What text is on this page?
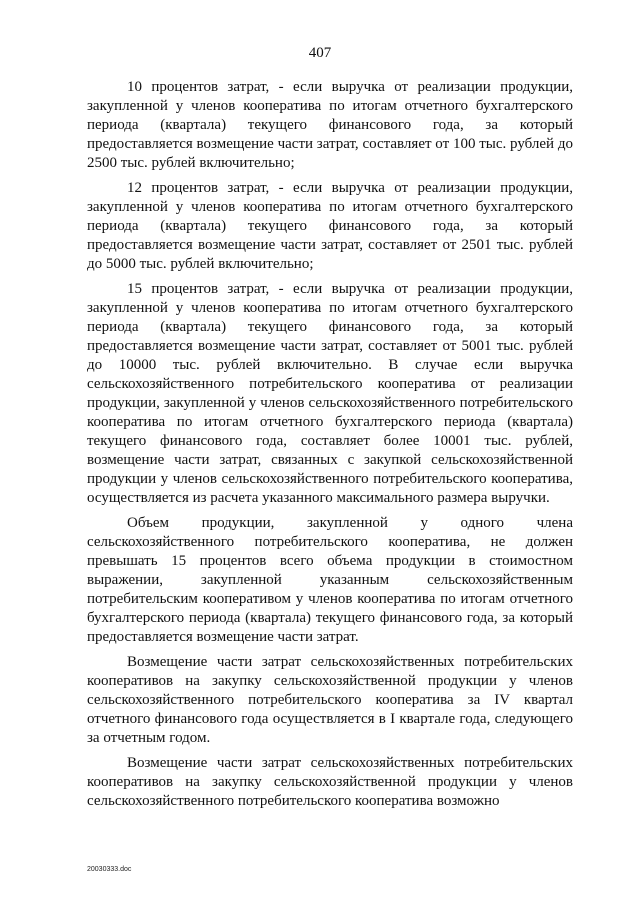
407

10 процентов затрат, - если выручка от реализации продукции, закупленной у членов кооператива по итогам отчетного бухгалтерского периода (квартала) текущего финансового года, за который предоставляется возмещение части затрат, составляет от 100 тыс. рублей до 2500 тыс. рублей включительно;

12 процентов затрат, - если выручка от реализации продукции, закупленной у членов кооператива по итогам отчетного бухгалтерского периода (квартала) текущего финансового года, за который предоставляется возмещение части затрат, составляет от 2501 тыс. рублей до 5000 тыс. рублей включительно;

15 процентов затрат, - если выручка от реализации продукции, закупленной у членов кооператива по итогам отчетного бухгалтерского периода (квартала) текущего финансового года, за который предоставляется возмещение части затрат, составляет от 5001 тыс. рублей до 10000 тыс. рублей включительно. В случае если выручка сельскохозяйственного потребительского кооператива от реализации продукции, закупленной у членов сельскохозяйственного потребительского кооператива по итогам отчетного бухгалтерского периода (квартала) текущего финансового года, составляет более 10001 тыс. рублей, возмещение части затрат, связанных с закупкой сельскохозяйственной продукции у членов сельскохозяйственного потребительского кооператива, осуществляется из расчета указанного максимального размера выручки.

Объем продукции, закупленной у одного члена сельскохозяйственного потребительского кооператива, не должен превышать 15 процентов всего объема продукции в стоимостном выражении, закупленной указанным сельскохозяйственным потребительским кооперативом у членов кооператива по итогам отчетного бухгалтерского периода (квартала) текущего финансового года, за который предоставляется возмещение части затрат.

Возмещение части затрат сельскохозяйственных потребительских кооперативов на закупку сельскохозяйственной продукции у членов сельскохозяйственного потребительского кооператива за IV квартал отчетного финансового года осуществляется в I квартале года, следующего за отчетным годом.

Возмещение части затрат сельскохозяйственных потребительских кооперативов на закупку сельскохозяйственной продукции у членов сельскохозяйственного потребительского кооператива возможно

20030333.doc
